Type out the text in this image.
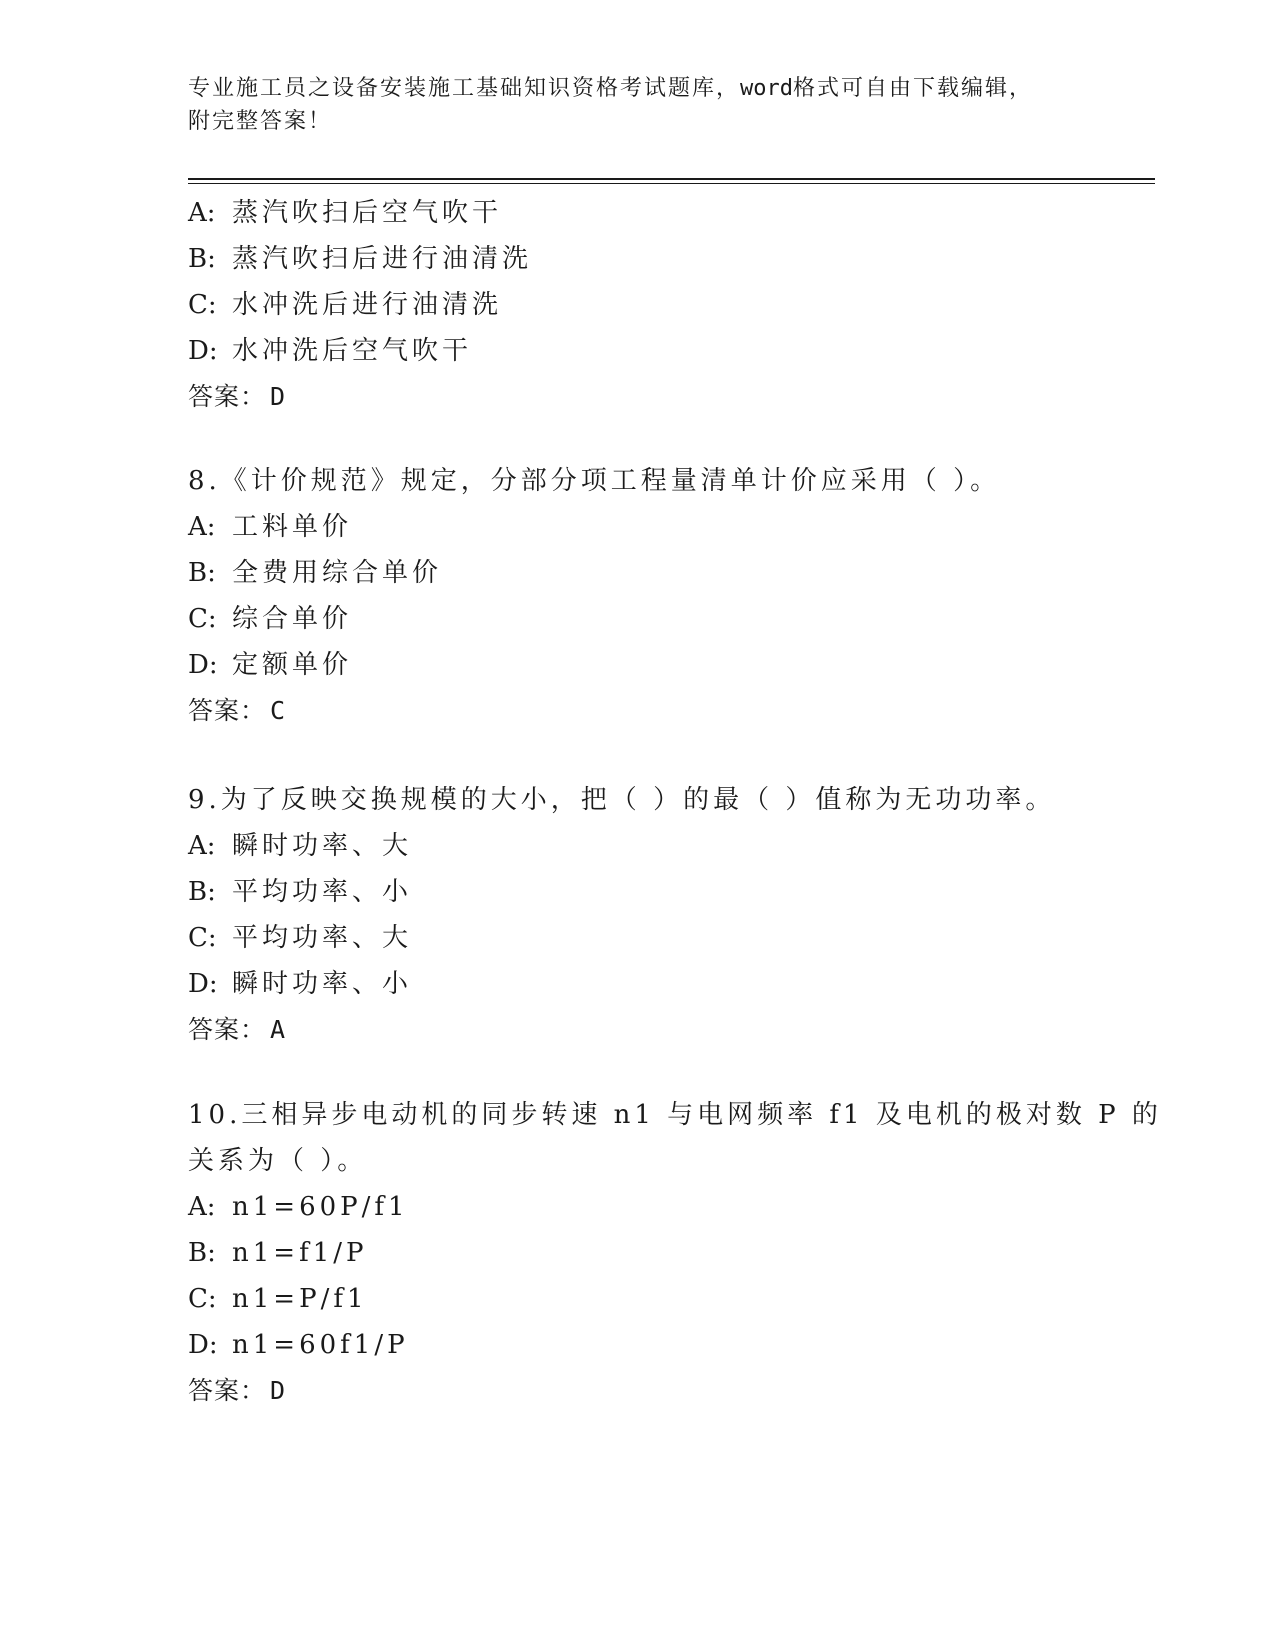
专业施工员之设备安装施工基础知识资格考试题库，word格式可自由下载编辑，
附完整答案！
A: 蒸汽吹扫后空气吹干
B: 蒸汽吹扫后进行油清洗
C: 水冲洗后进行油清洗
D: 水冲洗后空气吹干
答案： D
8.《计价规范》规定，分部分项工程量清单计价应采用（ ）。
A: 工料单价
B: 全费用综合单价
C: 综合单价
D: 定额单价
答案： C
9.为了反映交换规模的大小，把（ ）的最（ ）值称为无功功率。
A: 瞬时功率、大
B: 平均功率、小
C: 平均功率、大
D: 瞬时功率、小
答案： A
10.三相异步电动机的同步转速 n1 与电网频率 f1 及电机的极对数 P 的
关系为（ ）。
A: n1=60P/f1
B: n1=f1/P
C: n1=P/f1
D: n1=60f1/P
答案： D
